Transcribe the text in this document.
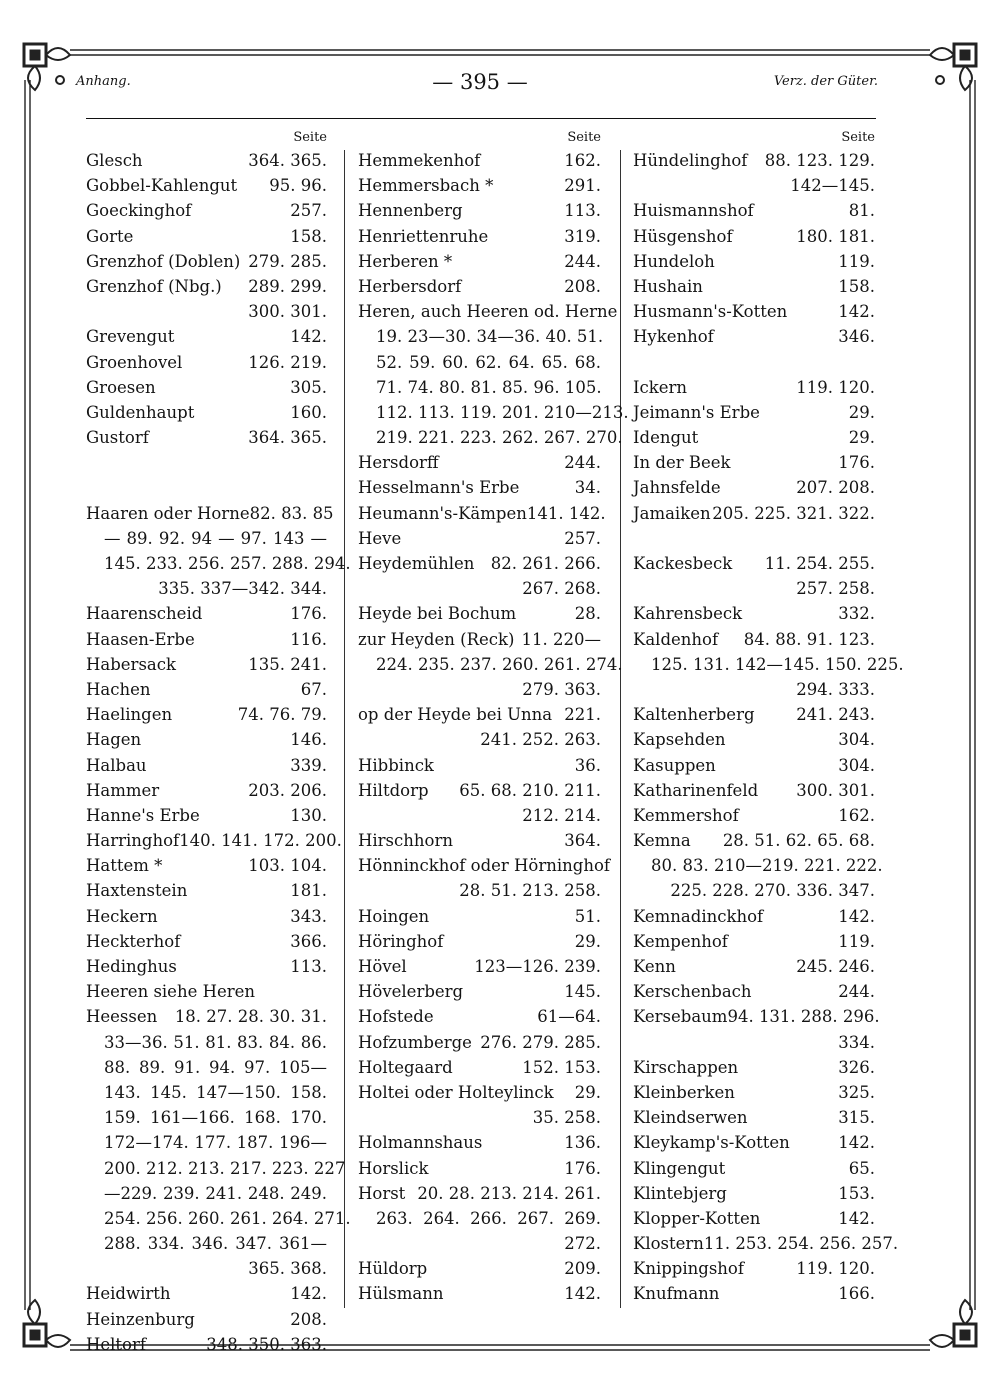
Anhang.	— 395 —	Verz. der Güter.
Seite
Glesch	364. 365.
Gobbel-Kahlengut 95. 96.
Goeckinghof	257.
Gorte	158.
Grenzhof (Doblen) 279. 285.
Grenzhof (Nbg.) 289. 299.
300. 301.
Grevengut	142.
Groenhovel	126. 219.
Groesen	305.
Guldenhaupt	160.
Gustorf	364. 365.
Haaren oder Horne 82. 83. 85
— 89. 92. 94 — 97. 143 —
145. 233. 256. 257. 288. 294.
335. 337—342. 344.
Haarenscheid	176.
Haasen-Erbe	116.
Habersack	135. 241.
Hachen	67.
Haelingen	74. 76. 79.
Hagen	146.
Halbau	339.
Hammer	203. 206.
Hanne's Erbe	130.
Harringhof 140. 141. 172. 200.
Hattem *	103. 104.
Haxtenstein	181.
Heckern	343.
Heckterhof	366.
Hedinghus	113.
Heeren siehe Heren
Heessen 18. 27. 28. 30. 31.
33—36. 51. 81. 83. 84. 86.
88. 89. 91. 94. 97. 105—
143. 145. 147—150. 158.
159. 161—166. 168. 170.
172—174. 177. 187. 196—
200. 212. 213. 217. 223. 227
—229. 239. 241. 248. 249.
254. 256. 260. 261. 264. 271.
288. 334. 346. 347. 361—
365. 368.
Heidwirth	142.
Heinzenburg	208.
Heltorf	348. 350. 363.
Seite
Hemmekenhof	162.
Hemmersbach *	291.
Hennenberg	113.
Henriettenruhe	319.
Herberen *	244.
Herbersdorf	208.
Heren, auch Heeren od. Herne
19. 23—30. 34—36. 40. 51.
52. 59. 60. 62. 64. 65. 68.
71. 74. 80. 81. 85. 96. 105.
112. 113. 119. 201. 210—213.
219. 221. 223. 262. 267. 270.
Hersdorff	244.
Hesselmann's Erbe	34.
Heumann's-Kämpen 141. 142.
Heve	257.
Heydemühlen 82. 261. 266.
267. 268.
Heyde bei Bochum	28.
zur Heyden (Reck) 11. 220—
224. 235. 237. 260. 261. 274.
279. 363.
op der Heyde bei Unna 221.
241. 252. 263.
Hibbinck	36.
Hiltdorp 65. 68. 210. 211.
212. 214.
Hirschhorn	364.
Hönninckhof oder Hörninghof
28. 51. 213. 258.
Hoingen	51.
Höringhof	29.
Hövel	123—126. 239.
Hövelerberg	145.
Hofstede	61—64.
Hofzumberge 276. 279. 285.
Holtegaard	152. 153.
Holtei oder Holteylinck 29.
35. 258.
Holmannshaus	136.
Horslick	176.
Horst 20. 28. 213. 214. 261.
263. 264. 266. 267. 269.
272.
Hüldorp	209.
Hülsmann	142.
Seite
Hündelinghof 88. 123. 129.
142—145.
Huismannshof	81.
Hüsgenshof	180. 181.
Hundeloh	119.
Hushain	158.
Husmann's-Kotten	142.
Hykenhof	346.
Ickern	119. 120.
Jeimann's Erbe	29.
Idengut	29.
In der Beek	176.
Jahnsfelde	207. 208.
Jamaiken 205. 225. 321. 322.
Kackesbeck 11. 254. 255.
257. 258.
Kahrensbeck	332.
Kaldenhof 84. 88. 91. 123.
125. 131. 142—145. 150. 225.
294. 333.
Kaltenherberg	241. 243.
Kapsehden	304.
Kasuppen	304.
Katharinenfeld 300. 301.
Kemmershof	162.
Kemna 28. 51. 62. 65. 68.
80. 83. 210—219. 221. 222.
225. 228. 270. 336. 347.
Kemnadinckhof	142.
Kempenhof	119.
Kenn	245. 246.
Kerschenbach	244.
Kersebaum 94. 131. 288. 296.
334.
Kirschappen	326.
Kleinberken	325.
Kleindserwen	315.
Kleykamp's-Kotten	142.
Klingengut	65.
Klintebjerg	153.
Klopper-Kotten	142.
Klostern 11. 253. 254. 256. 257.
Knippingshof	119. 120.
Knufmann	166.
